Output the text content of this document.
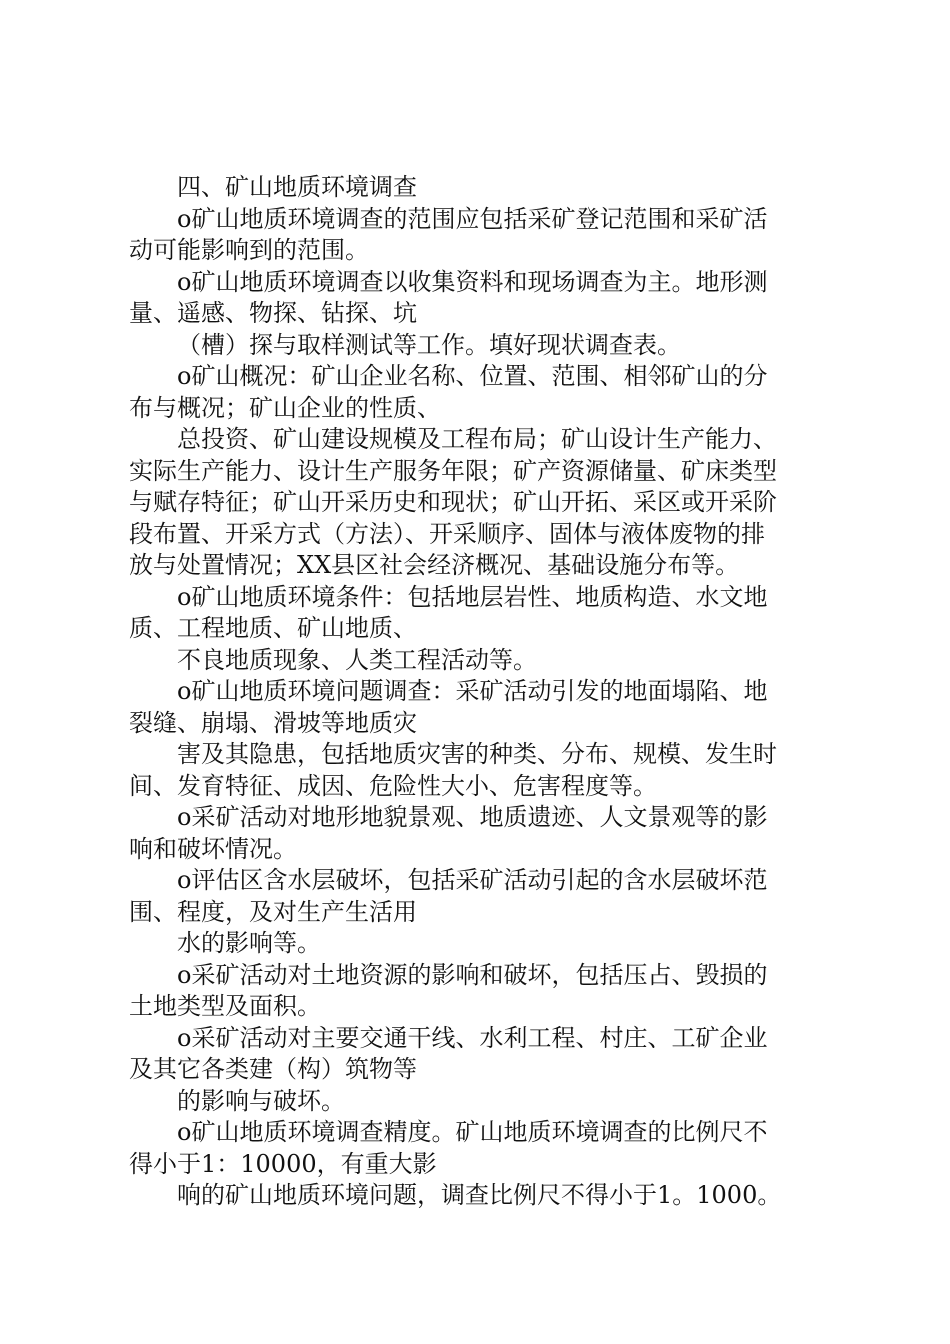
四、矿山地质环境调查

o矿山地质环境调查的范围应包括采矿登记范围和采矿活

动可能影响到的范围。

o矿山地质环境调查以收集资料和现场调查为主。地形测

量、遥感、物探、钻探、坑

（槽）探与取样测试等工作。填好现状调查表。

o矿山概况：矿山企业名称、位置、范围、相邻矿山的分

布与概况；矿山企业的性质、

总投资、矿山建设规模及工程布局；矿山设计生产能力、

实际生产能力、设计生产服务年限；矿产资源储量、矿床类型

与赋存特征；矿山开采历史和现状；矿山开拓、采区或开采阶

段布置、开采方式（方法）、开采顺序、固体与液体废物的排

放与处置情况；XX县区社会经济概况、基础设施分布等。

o矿山地质环境条件：包括地层岩性、地质构造、水文地

质、工程地质、矿山地质、

不良地质现象、人类工程活动等。

o矿山地质环境问题调查：采矿活动引发的地面塌陷、地

裂缝、崩塌、滑坡等地质灾

害及其隐患，包括地质灾害的种类、分布、规模、发生时

间、发育特征、成因、危险性大小、危害程度等。

o采矿活动对地形地貌景观、地质遗迹、人文景观等的影

响和破坏情况。

o评估区含水层破坏，包括采矿活动引起的含水层破坏范

围、程度，及对生产生活用

水的影响等。

o采矿活动对土地资源的影响和破坏，包括压占、毁损的

土地类型及面积。

o采矿活动对主要交通干线、水利工程、村庄、工矿企业

及其它各类建（构）筑物等

的影响与破坏。

o矿山地质环境调查精度。矿山地质环境调查的比例尺不

得小于1：10000，有重大影

响的矿山地质环境问题，调查比例尺不得小于1。1000。
